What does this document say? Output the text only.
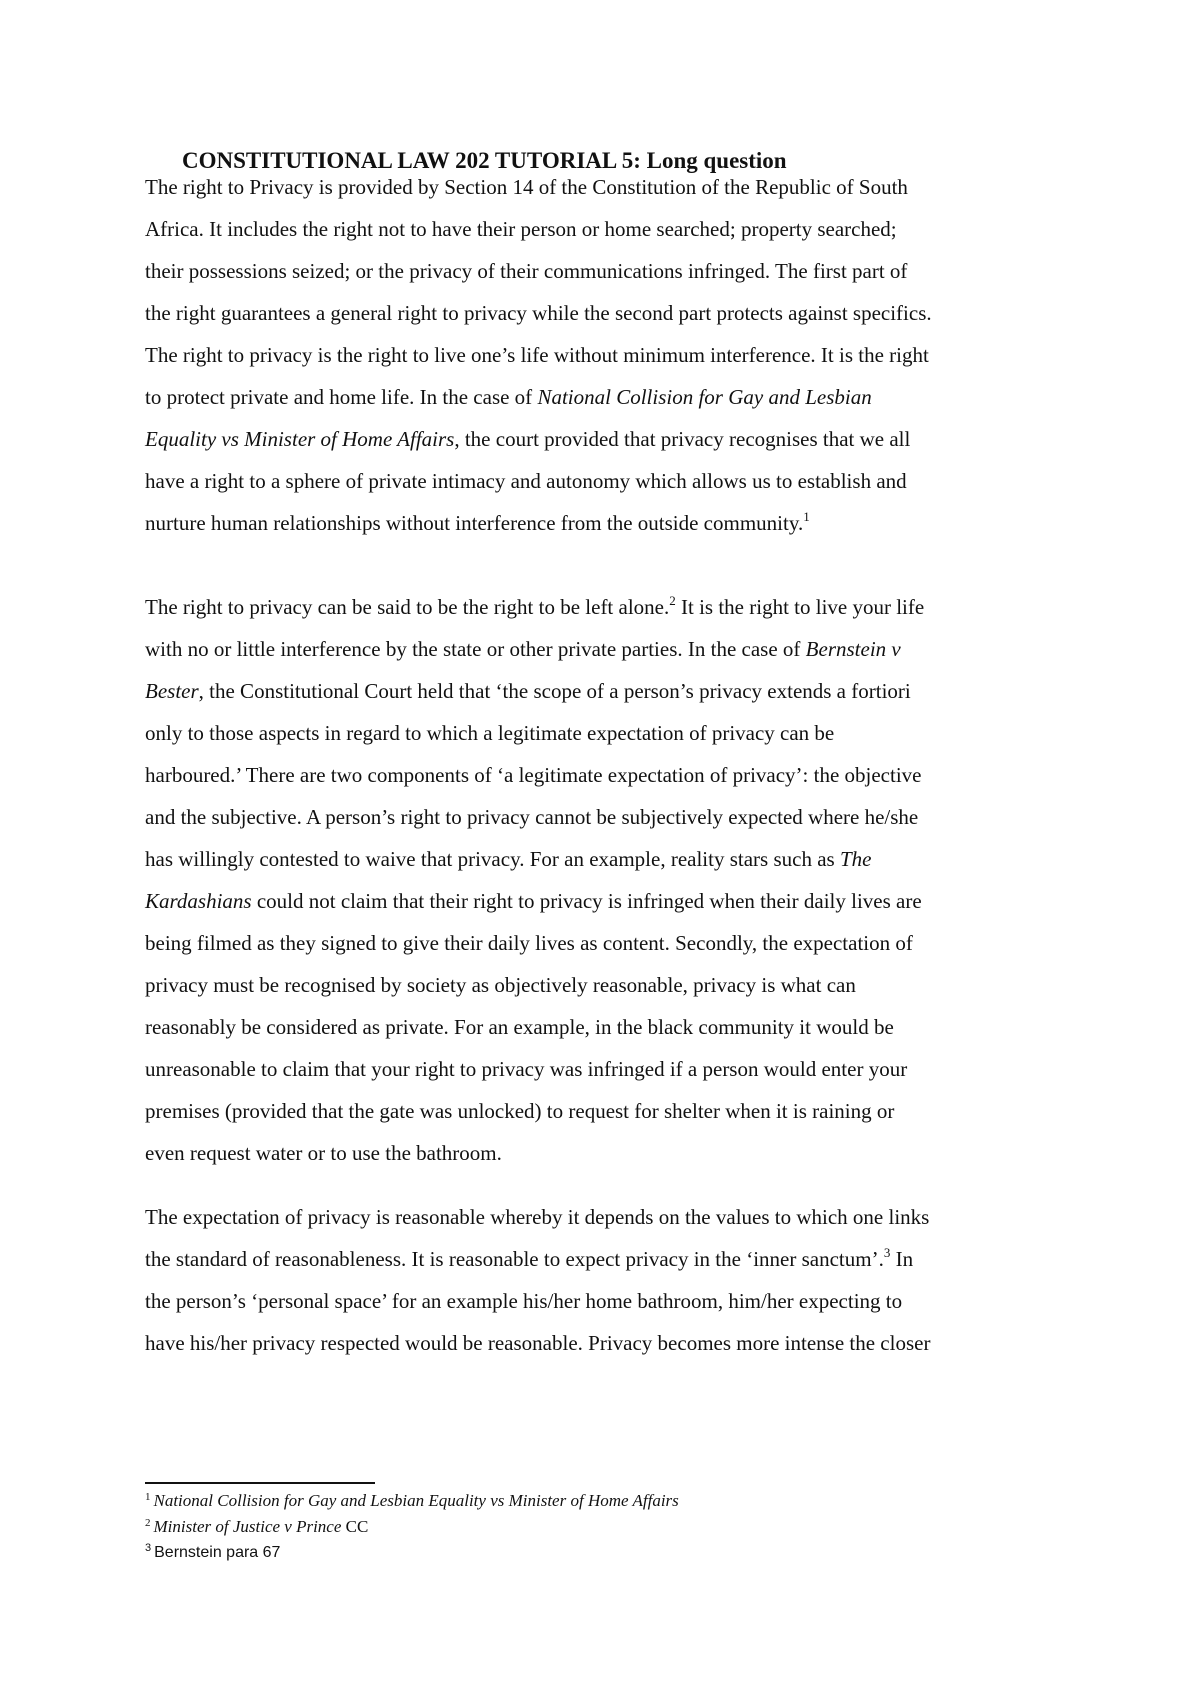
CONSTITUTIONAL LAW 202 TUTORIAL 5: Long question
The right to Privacy is provided by Section 14 of the Constitution of the Republic of South
Africa. It includes the right not to have their person or home searched; property searched;
their possessions seized; or the privacy of their communications infringed. The first part of
the right guarantees a general right to privacy while the second part protects against specifics.
The right to privacy is the right to live one’s life without minimum interference. It is the right
to protect private and home life. In the case of National Collision for Gay and Lesbian
Equality vs Minister of Home Affairs, the court provided that privacy recognises that we all
have a right to a sphere of private intimacy and autonomy which allows us to establish and
nurture human relationships without interference from the outside community.$^1$
The right to privacy can be said to be the right to be left alone.$^2$ It is the right to live your life
with no or little interference by the state or other private parties. In the case of Bernstein v
Bester, the Constitutional Court held that ‘the scope of a person’s privacy extends a fortiori
only to those aspects in regard to which a legitimate expectation of privacy can be
harboured.’ There are two components of ‘a legitimate expectation of privacy’: the objective
and the subjective. A person’s right to privacy cannot be subjectively expected where he/she
has willingly contested to waive that privacy. For an example, reality stars such as The
Kardashians could not claim that their right to privacy is infringed when their daily lives are
being filmed as they signed to give their daily lives as content. Secondly, the expectation of
privacy must be recognised by society as objectively reasonable, privacy is what can
reasonably be considered as private. For an example, in the black community it would be
unreasonable to claim that your right to privacy was infringed if a person would enter your
premises (provided that the gate was unlocked) to request for shelter when it is raining or
even request water or to use the bathroom.
The expectation of privacy is reasonable whereby it depends on the values to which one links
the standard of reasonableness. It is reasonable to expect privacy in the ‘inner sanctum’.$^3$ In
the person’s ‘personal space’ for an example his/her home bathroom, him/her expecting to
have his/her privacy respected would be reasonable. Privacy becomes more intense the closer
$^1$ National Collision for Gay and Lesbian Equality vs Minister of Home Affairs
$^2$ Minister of Justice v Prince CC
$^3$ Bernstein para 67
